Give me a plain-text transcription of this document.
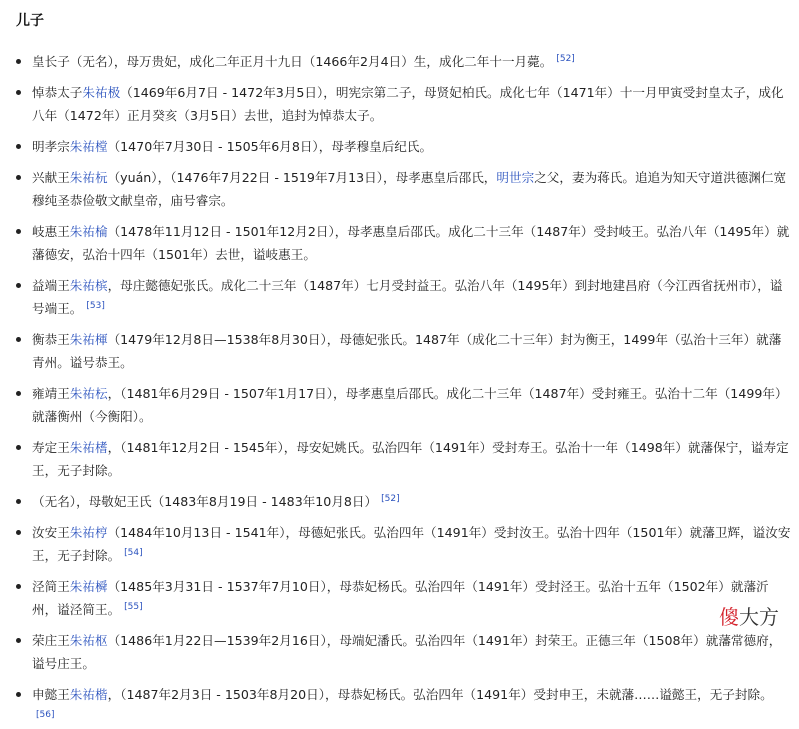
儿子
皇长子（无名），母万贵妃，成化二年正月十九日（1466年2月4日）生，成化二年十一月薨。 [52]
悼恭太子朱祐极（1469年6月7日 - 1472年3月5日），明宪宗第二子，母贤妃柏氏。成化七年（1471年）十一月甲寅受封皇太子，成化八年（1472年）正月癸亥（3月5日）去世，追封为悼恭太子。
明孝宗朱祐樘（1470年7月30日 - 1505年6月8日），母孝穆皇后纪氏。
兴献王朱祐杬（yuán），（1476年7月22日 - 1519年7月13日），母孝惠皇后邵氏，明世宗之父，妻为蒋氏。追追为知天守道洪德渊仁宽穆纯圣恭俭敬文献皇帝，庙号睿宗。
岐惠王朱祐棆（1478年11月12日 - 1501年12月2日），母孝惠皇后邵氏。成化二十三年（1487年）受封岐王。弘治八年（1495年）就藩德安，弘治十四年（1501年）去世，谥岐惠王。
益端王朱祐槟，母庄懿德妃张氏。成化二十三年（1487年）七月受封益王。弘治八年（1495年）到封地建昌府（今江西省抚州市），谥号端王。 [53]
衡恭王朱祐楎（1479年12月8日—1538年8月30日），母德妃张氏。1487年（成化二十三年）封为衡王，1499年（弘治十三年）就藩青州。谥号恭王。
雍靖王朱祐枟，（1481年6月29日 - 1507年1月17日），母孝惠皇后邵氏。成化二十三年（1487年）受封雍王。弘治十二年（1499年）就藩衡州（今衡阳）。
寿定王朱祐榰，（1481年12月2日 - 1545年），母安妃姚氏。弘治四年（1491年）受封寿王。弘治十一年（1498年）就藩保宁，谥寿定王，无子封除。
（无名），母敬妃王氏（1483年8月19日 - 1483年10月8日） [52]
汝安王朱祐梈（1484年10月13日 - 1541年），母德妃张氏。弘治四年（1491年）受封汝王。弘治十四年（1501年）就藩卫辉，谥汝安王，无子封除。 [54]
泾简王朱祐橓（1485年3月31日 - 1537年7月10日），母恭妃杨氏。弘治四年（1491年）受封泾王。弘治十五年（1502年）就藩沂州，谥泾简王。 [55]
荣庄王朱祐枢（1486年1月22日—1539年2月16日），母端妃潘氏。弘治四年（1491年）封荣王。正德三年（1508年）就藩常德府，谥号庄王。
申懿王朱祐楷，（1487年2月3日 - 1503年8月20日），母恭妃杨氏。弘治四年（1491年）受封申王，未就藩……谥懿王，无子封除。[56]
傻大方
